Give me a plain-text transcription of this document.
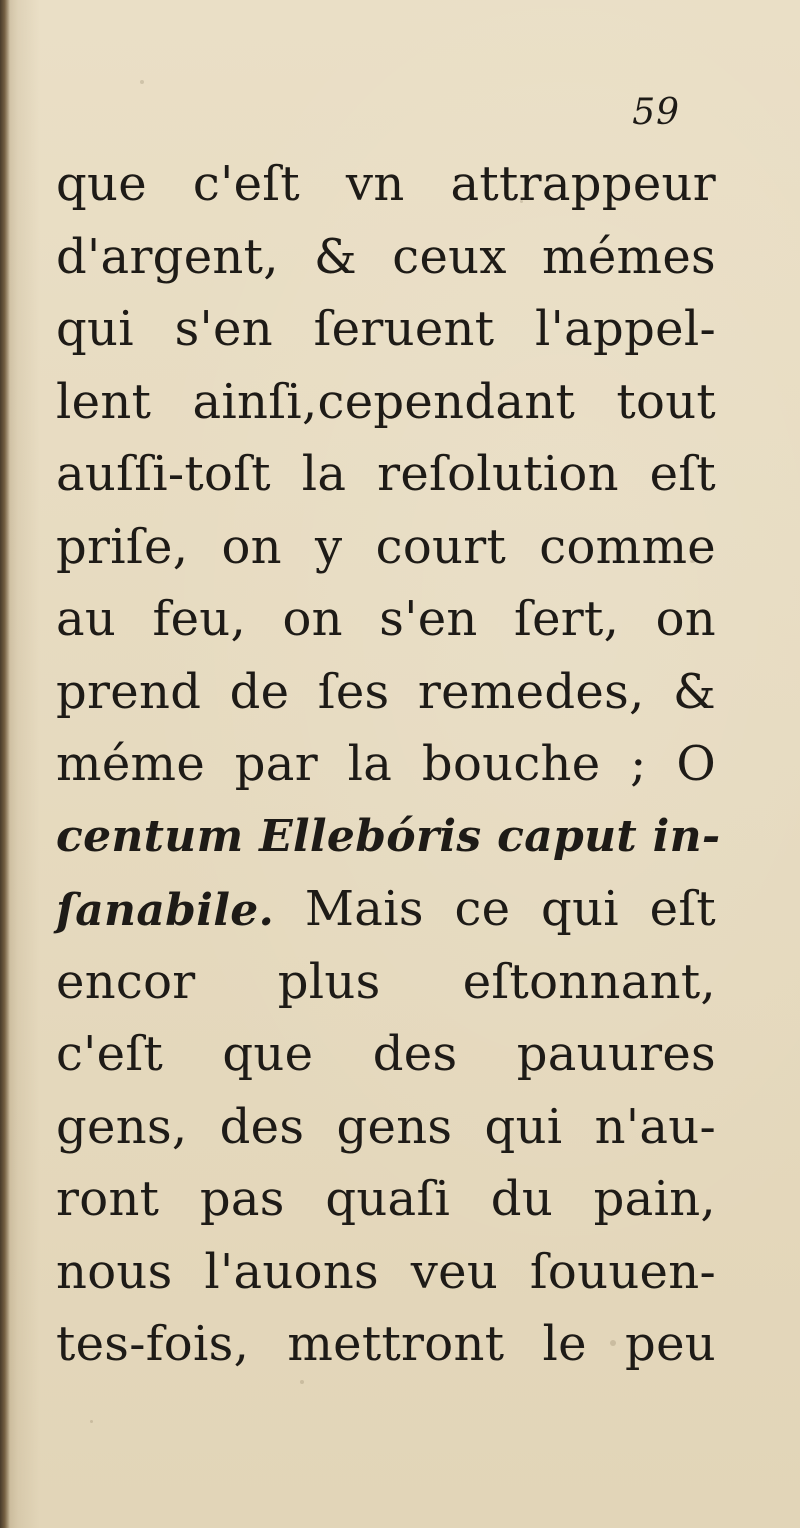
59
que c'eſt vn attrappeur
d'argent, & ceux mémes
qui s'en ſeruent l'appel-
lent ainſi,cependant tout
auſſi-toſt la reſolution eſt
priſe, on y court comme
au feu, on s'en ſert, on
prend de ſes remedes, &
méme par la bouche ; O
centum Ellebóris caput in-
ſanabile. Mais ce qui eſt
encor plus eſtonnant,
c'eſt que des pauures
gens, des gens qui n'au-
ront pas quaſi du pain,
nous l'auons veu ſouuen-
tes-fois, mettront le peu
